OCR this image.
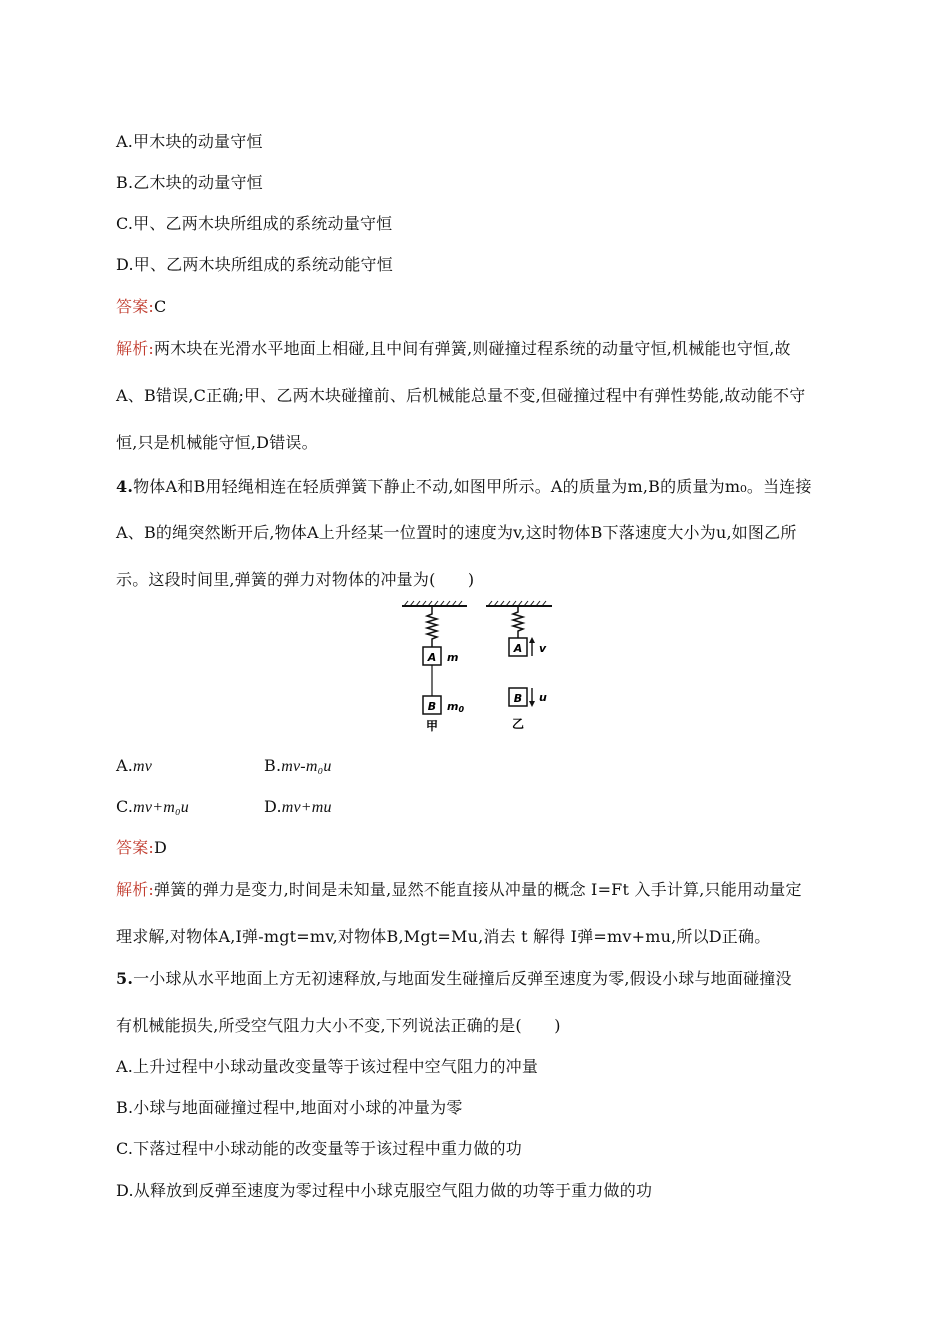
A.甲木块的动量守恒
B.乙木块的动量守恒
C.甲、乙两木块所组成的系统动量守恒
D.甲、乙两木块所组成的系统动能守恒
答案:C
解析:两木块在光滑水平地面上相碰,且中间有弹簧,则碰撞过程系统的动量守恒,机械能也守恒,故
A、B错误,C正确;甲、乙两木块碰撞前、后机械能总量不变,但碰撞过程中有弹性势能,故动能不守
恒,只是机械能守恒,D错误。
4.物体A和B用轻绳相连在轻质弹簧下静止不动,如图甲所示。A的质量为m,B的质量为m₀。当连接
A、B的绳突然断开后,物体A上升经某一位置时的速度为v,这时物体B下落速度大小为u,如图乙所
示。这段时间里,弹簧的弹力对物体的冲量为(　　)
A m
B m0
甲
A v
B u
乙
A.mv	B.mv-m₀u
C.mv+m₀u	D.mv+mu
答案:D
解析:弹簧的弹力是变力,时间是未知量,显然不能直接从冲量的概念 I=Ft 入手计算,只能用动量定
理求解,对物体A,I弹-mgt=mv,对物体B,Mgt=Mu,消去 t 解得 I弹=mv+mu,所以D正确。
5.一小球从水平地面上方无初速释放,与地面发生碰撞后反弹至速度为零,假设小球与地面碰撞没
有机械能损失,所受空气阻力大小不变,下列说法正确的是(　　)
A.上升过程中小球动量改变量等于该过程中空气阻力的冲量
B.小球与地面碰撞过程中,地面对小球的冲量为零
C.下落过程中小球动能的改变量等于该过程中重力做的功
D.从释放到反弹至速度为零过程中小球克服空气阻力做的功等于重力做的功
